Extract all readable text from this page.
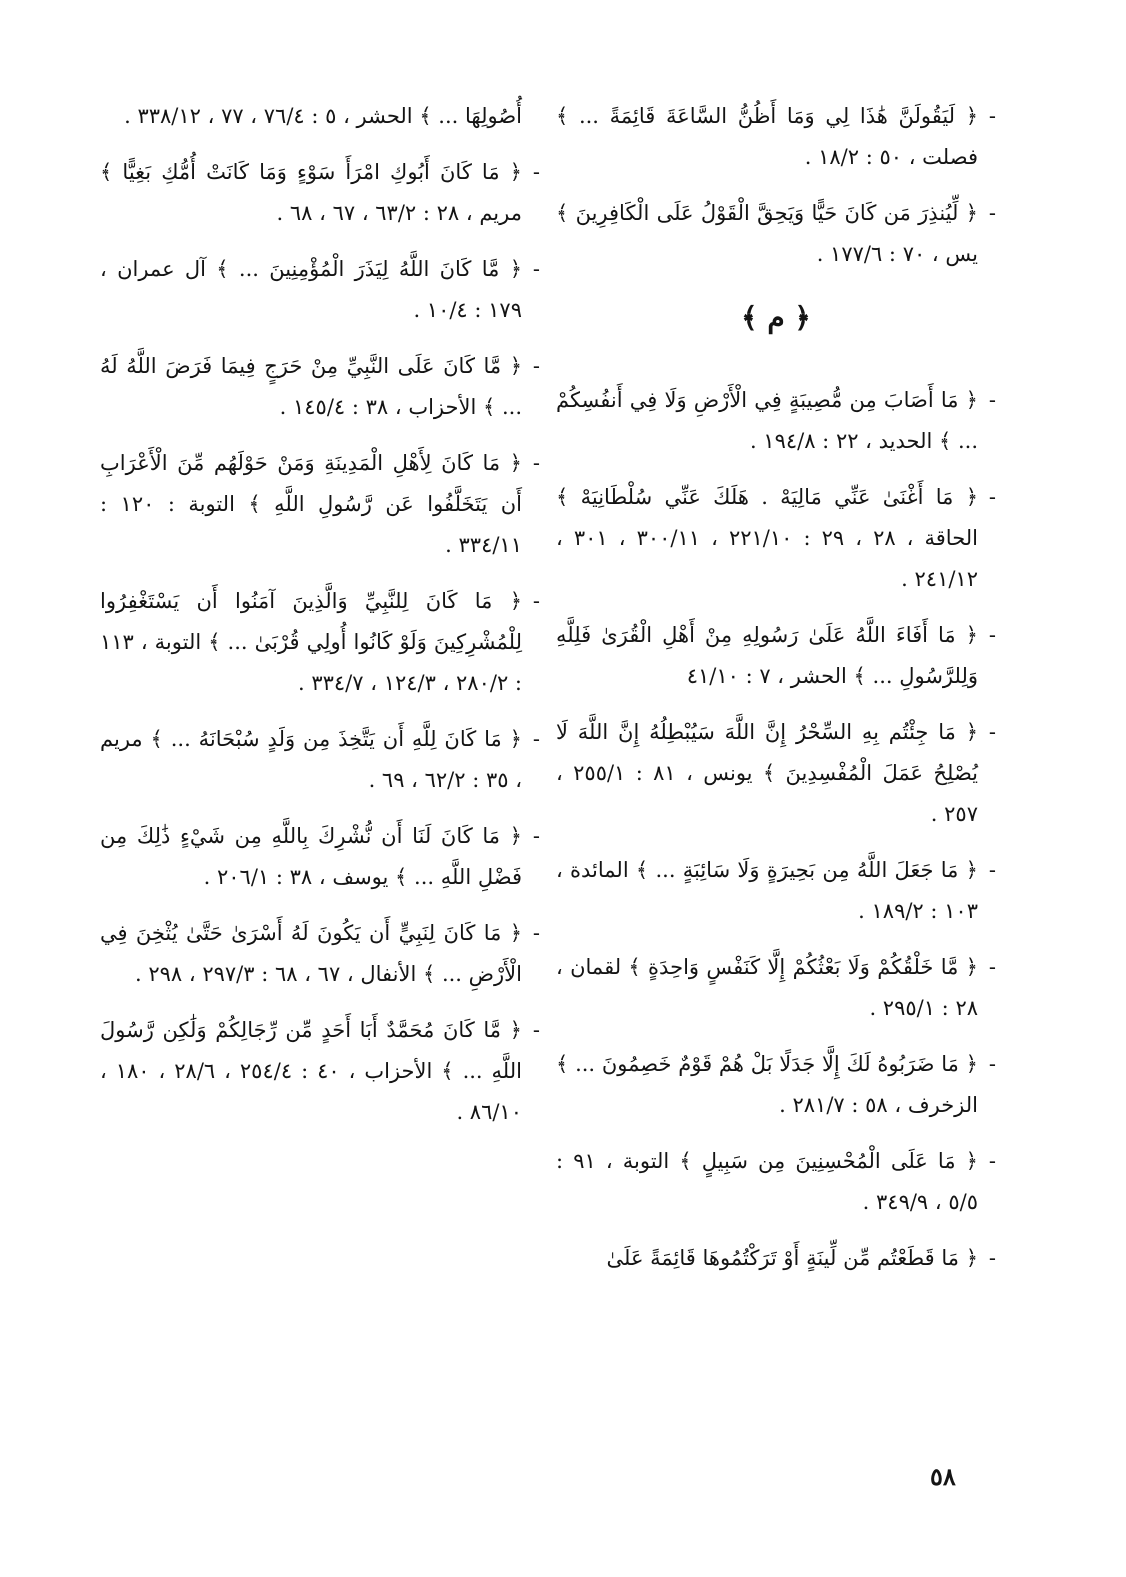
-
﴿ لَيَقُولَنَّ هَٰذَا لِي وَمَا أَظُنُّ السَّاعَةَ قَائِمَةً ... ﴾ فصلت ، ٥٠ : ١٨/٢ .
-
﴿ لِّيُنذِرَ مَن كَانَ حَيًّا وَيَحِقَّ الْقَوْلُ عَلَى الْكَافِرِينَ ﴾ يس ، ٧٠ : ١٧٧/٦ .
﴿ م ﴾
-
﴿ مَا أَصَابَ مِن مُّصِيبَةٍ فِي الْأَرْضِ وَلَا فِي أَنفُسِكُمْ ... ﴾ الحديد ، ٢٢ : ١٩٤/٨ .
-
﴿ مَا أَغْنَىٰ عَنِّي مَالِيَهْ . هَلَكَ عَنِّي سُلْطَانِيَهْ ﴾ الحاقة ، ٢٨ ، ٢٩ : ٢٢١/١٠ ، ٣٠٠/١١ ، ٣٠١ ، ٢٤١/١٢ .
-
﴿ مَا أَفَاءَ اللَّهُ عَلَىٰ رَسُولِهِ مِنْ أَهْلِ الْقُرَىٰ فَلِلَّهِ وَلِلرَّسُولِ ... ﴾ الحشر ، ٧ : ٤١/١٠
-
﴿ مَا جِئْتُم بِهِ السِّحْرُ إِنَّ اللَّهَ سَيُبْطِلُهُ إِنَّ اللَّهَ لَا يُصْلِحُ عَمَلَ الْمُفْسِدِينَ ﴾ يونس ، ٨١ : ٢٥٥/١ ، ٢٥٧ .
-
﴿ مَا جَعَلَ اللَّهُ مِن بَحِيرَةٍ وَلَا سَائِبَةٍ ... ﴾ المائدة ، ١٠٣ : ١٨٩/٢ .
-
﴿ مَّا خَلْقُكُمْ وَلَا بَعْثُكُمْ إِلَّا كَنَفْسٍ وَاحِدَةٍ ﴾ لقمان ، ٢٨ : ٢٩٥/١ .
-
﴿ مَا ضَرَبُوهُ لَكَ إِلَّا جَدَلًا بَلْ هُمْ قَوْمٌ خَصِمُونَ ... ﴾ الزخرف ، ٥٨ : ٢٨١/٧ .
-
﴿ مَا عَلَى الْمُحْسِنِينَ مِن سَبِيلٍ ﴾ التوبة ، ٩١ : ٥/٥ ، ٣٤٩/٩ .
-
﴿ مَا قَطَعْتُم مِّن لِّينَةٍ أَوْ تَرَكْتُمُوهَا قَائِمَةً عَلَىٰ
أُصُولِهَا ... ﴾ الحشر ، ٥ : ٧٦/٤ ، ٧٧ ، ٣٣٨/١٢ .
-
﴿ مَا كَانَ أَبُوكِ امْرَأَ سَوْءٍ وَمَا كَانَتْ أُمُّكِ بَغِيًّا ﴾ مريم ، ٢٨ : ٦٣/٢ ، ٦٧ ، ٦٨ .
-
﴿ مَّا كَانَ اللَّهُ لِيَذَرَ الْمُؤْمِنِينَ ... ﴾ آل عمران ، ١٧٩ : ١٠/٤ .
-
﴿ مَّا كَانَ عَلَى النَّبِيِّ مِنْ حَرَجٍ فِيمَا فَرَضَ اللَّهُ لَهُ ... ﴾ الأحزاب ، ٣٨ : ١٤٥/٤ .
-
﴿ مَا كَانَ لِأَهْلِ الْمَدِينَةِ وَمَنْ حَوْلَهُم مِّنَ الْأَعْرَابِ أَن يَتَخَلَّفُوا عَن رَّسُولِ اللَّهِ ﴾ التوبة : ١٢٠ : ٣٣٤/١١ .
-
﴿ مَا كَانَ لِلنَّبِيِّ وَالَّذِينَ آمَنُوا أَن يَسْتَغْفِرُوا لِلْمُشْرِكِينَ وَلَوْ كَانُوا أُولِي قُرْبَىٰ ... ﴾ التوبة ، ١١٣ : ٢٨٠/٢ ، ١٢٤/٣ ، ٣٣٤/٧ .
-
﴿ مَا كَانَ لِلَّهِ أَن يَتَّخِذَ مِن وَلَدٍ سُبْحَانَهُ ... ﴾ مريم ، ٣٥ : ٦٢/٢ ، ٦٩ .
-
﴿ مَا كَانَ لَنَا أَن نُّشْرِكَ بِاللَّهِ مِن شَيْءٍ ذَٰلِكَ مِن فَضْلِ اللَّهِ ... ﴾ يوسف ، ٣٨ : ٢٠٦/١ .
-
﴿ مَا كَانَ لِنَبِيٍّ أَن يَكُونَ لَهُ أَسْرَىٰ حَتَّىٰ يُثْخِنَ فِي الْأَرْضِ ... ﴾ الأنفال ، ٦٧ ، ٦٨ : ٢٩٧/٣ ، ٢٩٨ .
-
﴿ مَّا كَانَ مُحَمَّدٌ أَبَا أَحَدٍ مِّن رِّجَالِكُمْ وَلَٰكِن رَّسُولَ اللَّهِ ... ﴾ الأحزاب ، ٤٠ : ٢٥٤/٤ ، ٢٨/٦ ، ١٨٠ ، ٨٦/١٠ .
٥٨
